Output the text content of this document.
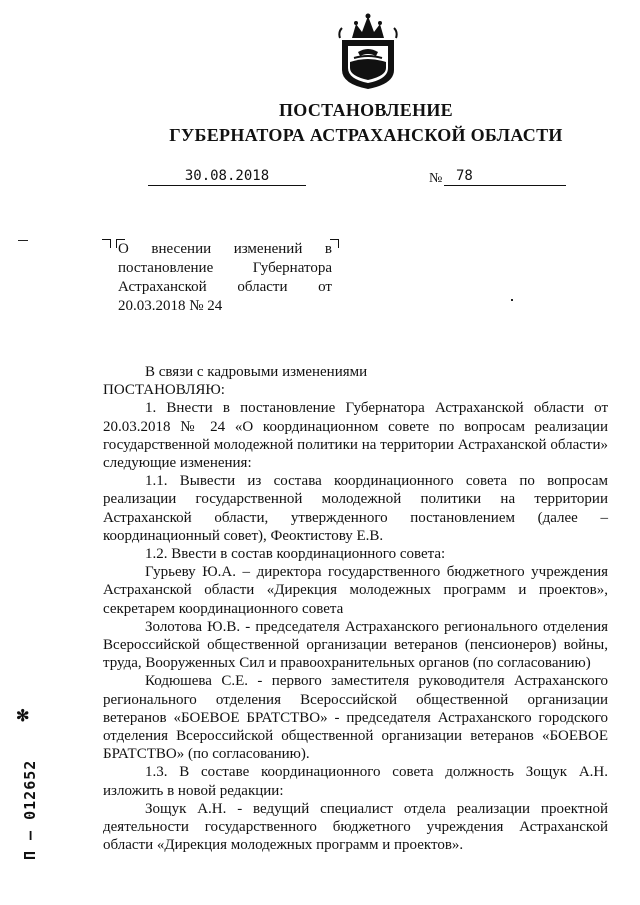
ПОСТАНОВЛЕНИЕ
ГУБЕРНАТОРА АСТРАХАНСКОЙ ОБЛАСТИ
30.08.2018	№ 78

О внесении изменений в постановление Губернатора Астраханской области от 20.03.2018 № 24

В связи с кадровыми изменениями

ПОСТАНОВЛЯЮ:

1. Внести в постановление Губернатора Астраханской области от 20.03.2018 № 24 «О координационном совете по вопросам реализации государственной молодежной политики на территории Астраханской области» следующие изменения:

1.1. Вывести из состава координационного совета по вопросам реализации государственной молодежной политики на территории Астраханской области, утвержденного постановлением (далее – координационный совет), Феоктистову Е.В.

1.2. Ввести в состав координационного совета:

Гурьеву Ю.А. – директора государственного бюджетного учреждения Астраханской области «Дирекция молодежных программ и проектов», секретарем координационного совета

Золотова Ю.В. - председателя Астраханского регионального отделения Всероссийской общественной организации ветеранов (пенсионеров) войны, труда, Вооруженных Сил и правоохранительных органов (по согласованию)

Кодюшева С.Е. - первого заместителя руководителя Астраханского регионального отделения Всероссийской общественной организации ветеранов «БОЕВОЕ БРАТСТВО» - председателя Астраханского городского отделения Всероссийской общественной организации ветеранов «БОЕВОЕ БРАТСТВО» (по согласованию).

1.3. В составе координационного совета должность Зощук А.Н. изложить в новой редакции:

Зощук А.Н. - ведущий специалист отдела реализации проектной деятельности государственного бюджетного учреждения Астраханской области «Дирекция молодежных программ и проектов».

✻
П – 012652
